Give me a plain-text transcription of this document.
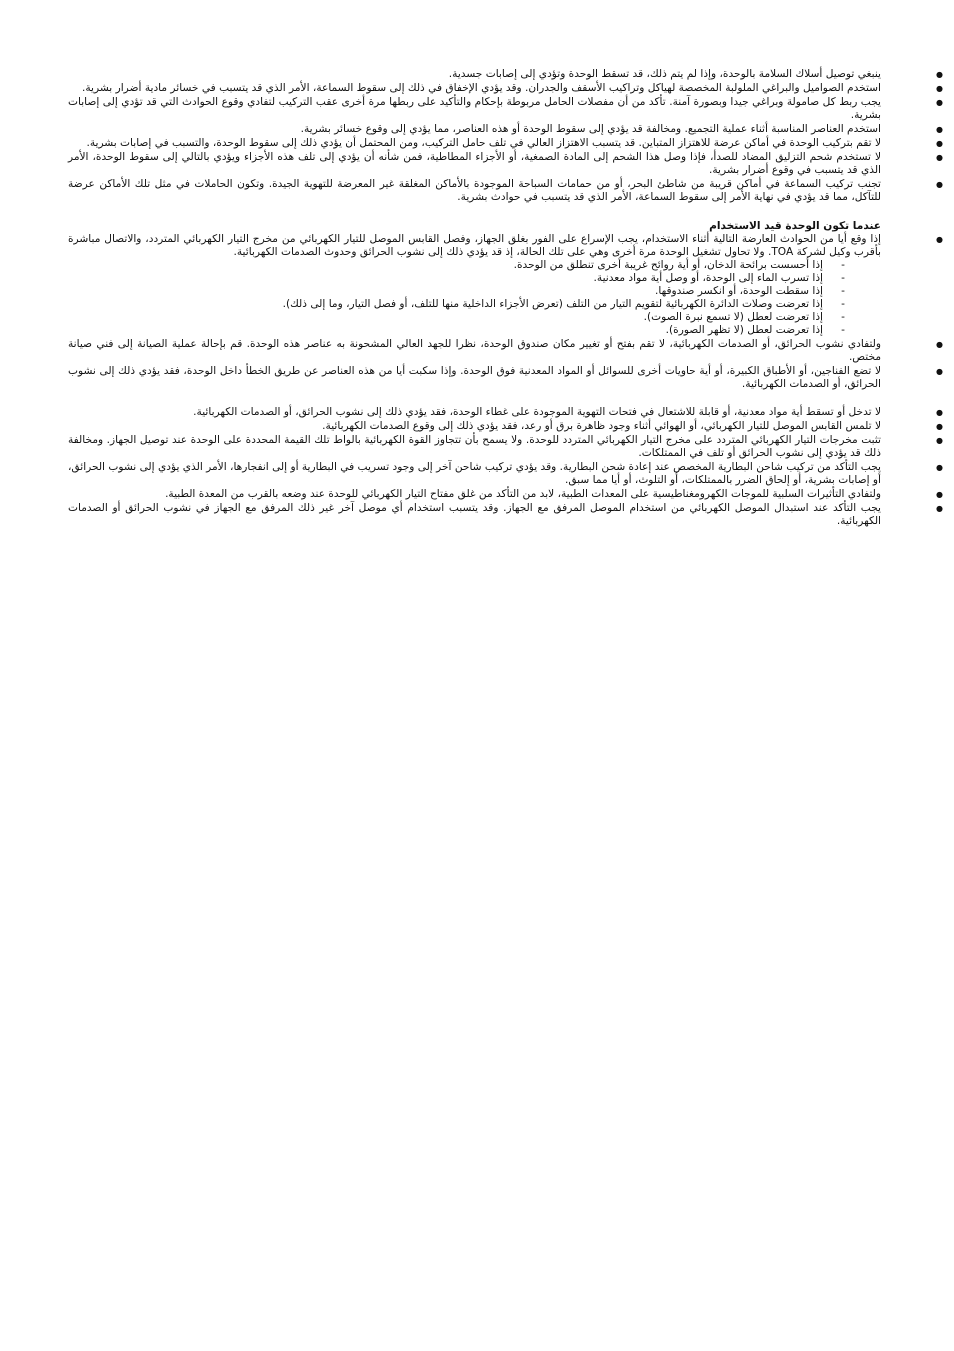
● ينبغي توصيل أسلاك السلامة بالوحدة، وإذا لم يتم ذلك، قد تسقط الوحدة وتؤدي إلى إصابات جسدية.
● استخدم الصواميل والبراغي الملولبة المخصصة لهياكل وتراكيب الأسقف والجدران. وقد يؤدي الإخفاق في ذلك إلى سقوط السماعة، الأمر الذي قد يتسبب في خسائر مادية أضرار بشرية.
● يجب ربط كل صامولة وبراغي جيدا وبصورة آمنة. تأكد من أن مفصلات الحامل مربوطة بإحكام والتأكيد على ربطها مرة أخرى عقب التركيب لتفادي وقوع الحوادث التي قد تؤدي إلى إصابات بشرية.
● استخدم العناصر المناسبة أثناء عملية التجميع. ومخالفة قد يؤدي إلى سقوط الوحدة أو هذه العناصر، مما يؤدي إلى وقوع خسائر بشرية.
● لا تقم بتركيب الوحدة في أماكن عرضة للاهتزاز المتباين. قد يتسبب الاهتزاز العالي في تلف حامل التركيب، ومن المحتمل أن يؤدي ذلك إلى سقوط الوحدة، والتسبب في إصابات بشرية.
● لا تستخدم شحم التزليق المضاد للصدأ، فإذا وصل هذا الشحم إلى المادة الصمغية، أو الأجزاء المطاطية، فمن شأنه أن يؤدي إلى تلف هذه الأجزاء ويؤدي بالتالي إلى سقوط الوحدة، الأمر الذي قد يتسبب في وقوع أضرار بشرية.
● تجنب تركيب السماعة في أماكن قريبة من شاطئ البحر، أو من حمامات السباحة الموجودة بالأماكن المغلقة غير المعرضة للتهوية الجيدة. وتكون الحاملات في مثل تلك الأماكن عرضة للتآكل، مما قد يؤدي في نهاية الأمر إلى سقوط السماعة، الأمر الذي قد يتسبب في حوادث بشرية.
عندما تكون الوحدة قيد الاستخدام
● إذا وقع أيا من الحوادث العارضة التالية أثناء الاستخدام، يجب الإسراع على الفور بغلق الجهاز، وفصل القابس الموصل للتيار الكهربائي من مخرج التيار الكهربائي المتردد، والاتصال مباشرة بأقرب وكيل لشركة TOA. ولا تحاول تشغيل الوحدة مرة أخرى وهي على تلك الحالة، إذ قد يؤدي ذلك إلى نشوب الحرائق وحدوث الصدمات الكهربائية.
- إذا أحسست برائحة الدخان، أو أية روائح غريبة أخرى تنطلق من الوحدة.
- إذا تسرب الماء إلى الوحدة، أو وصل أية مواد معدنية.
- إذا سقطت الوحدة، أو انكسر صندوقها.
- إذا تعرضت وصلات الدائرة الكهربائية لتقويم التيار من التلف (تعرض الأجزاء الداخلية منها للتلف، أو فصل التيار، وما إلى ذلك).
- إذا تعرضت لعطل (لا تسمع نبرة الصوت).
- إذا تعرضت لعطل (لا تظهر الصورة).
● ولتفادي نشوب الحرائق، أو الصدمات الكهربائية، لا تقم بفتح أو تغيير مكان صندوق الوحدة، نظرا للجهد العالي المشحونة به عناصر هذه الوحدة. قم بإحالة عملية الصيانة إلى فني صيانة مختص.
● لا تضع الفناجين، أو الأطباق الكبيرة، أو أية حاويات أخرى للسوائل أو المواد المعدنية فوق الوحدة. وإذا سكبت أيا من هذه العناصر عن طريق الخطأ داخل الوحدة، فقد يؤدي ذلك إلى نشوب الحرائق، أو الصدمات الكهربائية.
● لا تدخل أو تسقط أية مواد معدنية، أو قابلة للاشتعال في فتحات التهوية الموجودة على غطاء الوحدة، فقد يؤدي ذلك إلى نشوب الحرائق، أو الصدمات الكهربائية.
● لا تلمس القابس الموصل للتيار الكهربائي، أو الهوائي أثناء وجود ظاهرة برق أو رعد، فقد يؤدي ذلك إلى وقوع الصدمات الكهربائية.
● تثبت مخرجات التيار الكهربائي المتردد على مخرج التيار الكهربائي المتردد للوحدة. ولا يسمح بأن تتجاوز القوة الكهربائية بالواط تلك القيمة المحددة على الوحدة عند توصيل الجهاز. ومخالفة ذلك قد يؤدي إلى نشوب الحرائق أو تلف في الممتلكات.
● يجب التأكد من تركيب شاحن البطارية المخصص عند إعادة شحن البطارية. وقد يؤدي تركيب شاحن آخر إلى وجود تسريب في البطارية أو إلى انفجارها، الأمر الذي يؤدي إلى نشوب الحرائق، أو إصابات بشرية، أو إلحاق الضرر بالممتلكات، أو التلوث، أو أيا مما سبق.
● ولتفادي التأثيرات السلبية للموجات الكهرومغناطيسية على المعدات الطبية، لابد من التأكد من غلق مفتاح التيار الكهربائي للوحدة عند وضعه بالقرب من المعدة الطبية.
● يجب التأكد عند استبدال الموصل الكهربائي من استخدام الموصل المرفق مع الجهاز. وقد يتسبب استخدام أي موصل آخر غير ذلك المرفق مع الجهاز في نشوب الحرائق أو الصدمات الكهربائية.
